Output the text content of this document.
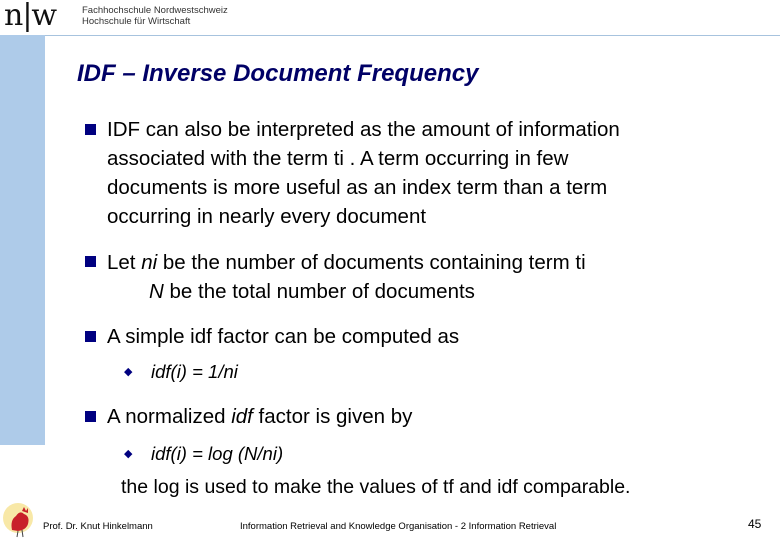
n|w	Fachhochschule Nordwestschweiz
Hochschule für Wirtschaft
IDF – Inverse Document Frequency
IDF can also be interpreted as the amount of information
associated with the term ti . A term occurring in few
documents is more useful as an index term than a term
occurring in nearly every document
Let ni be the number of documents containing term ti
N be the total number of documents
A simple idf factor can be computed as
◆ idf(i) = 1/ni
A normalized idf factor is given by
◆ idf(i) = log (N/ni)
the log is used to make the values of tf and idf comparable.
Prof. Dr. Knut Hinkelmann	Information Retrieval and Knowledge Organisation - 2 Information Retrieval	45
